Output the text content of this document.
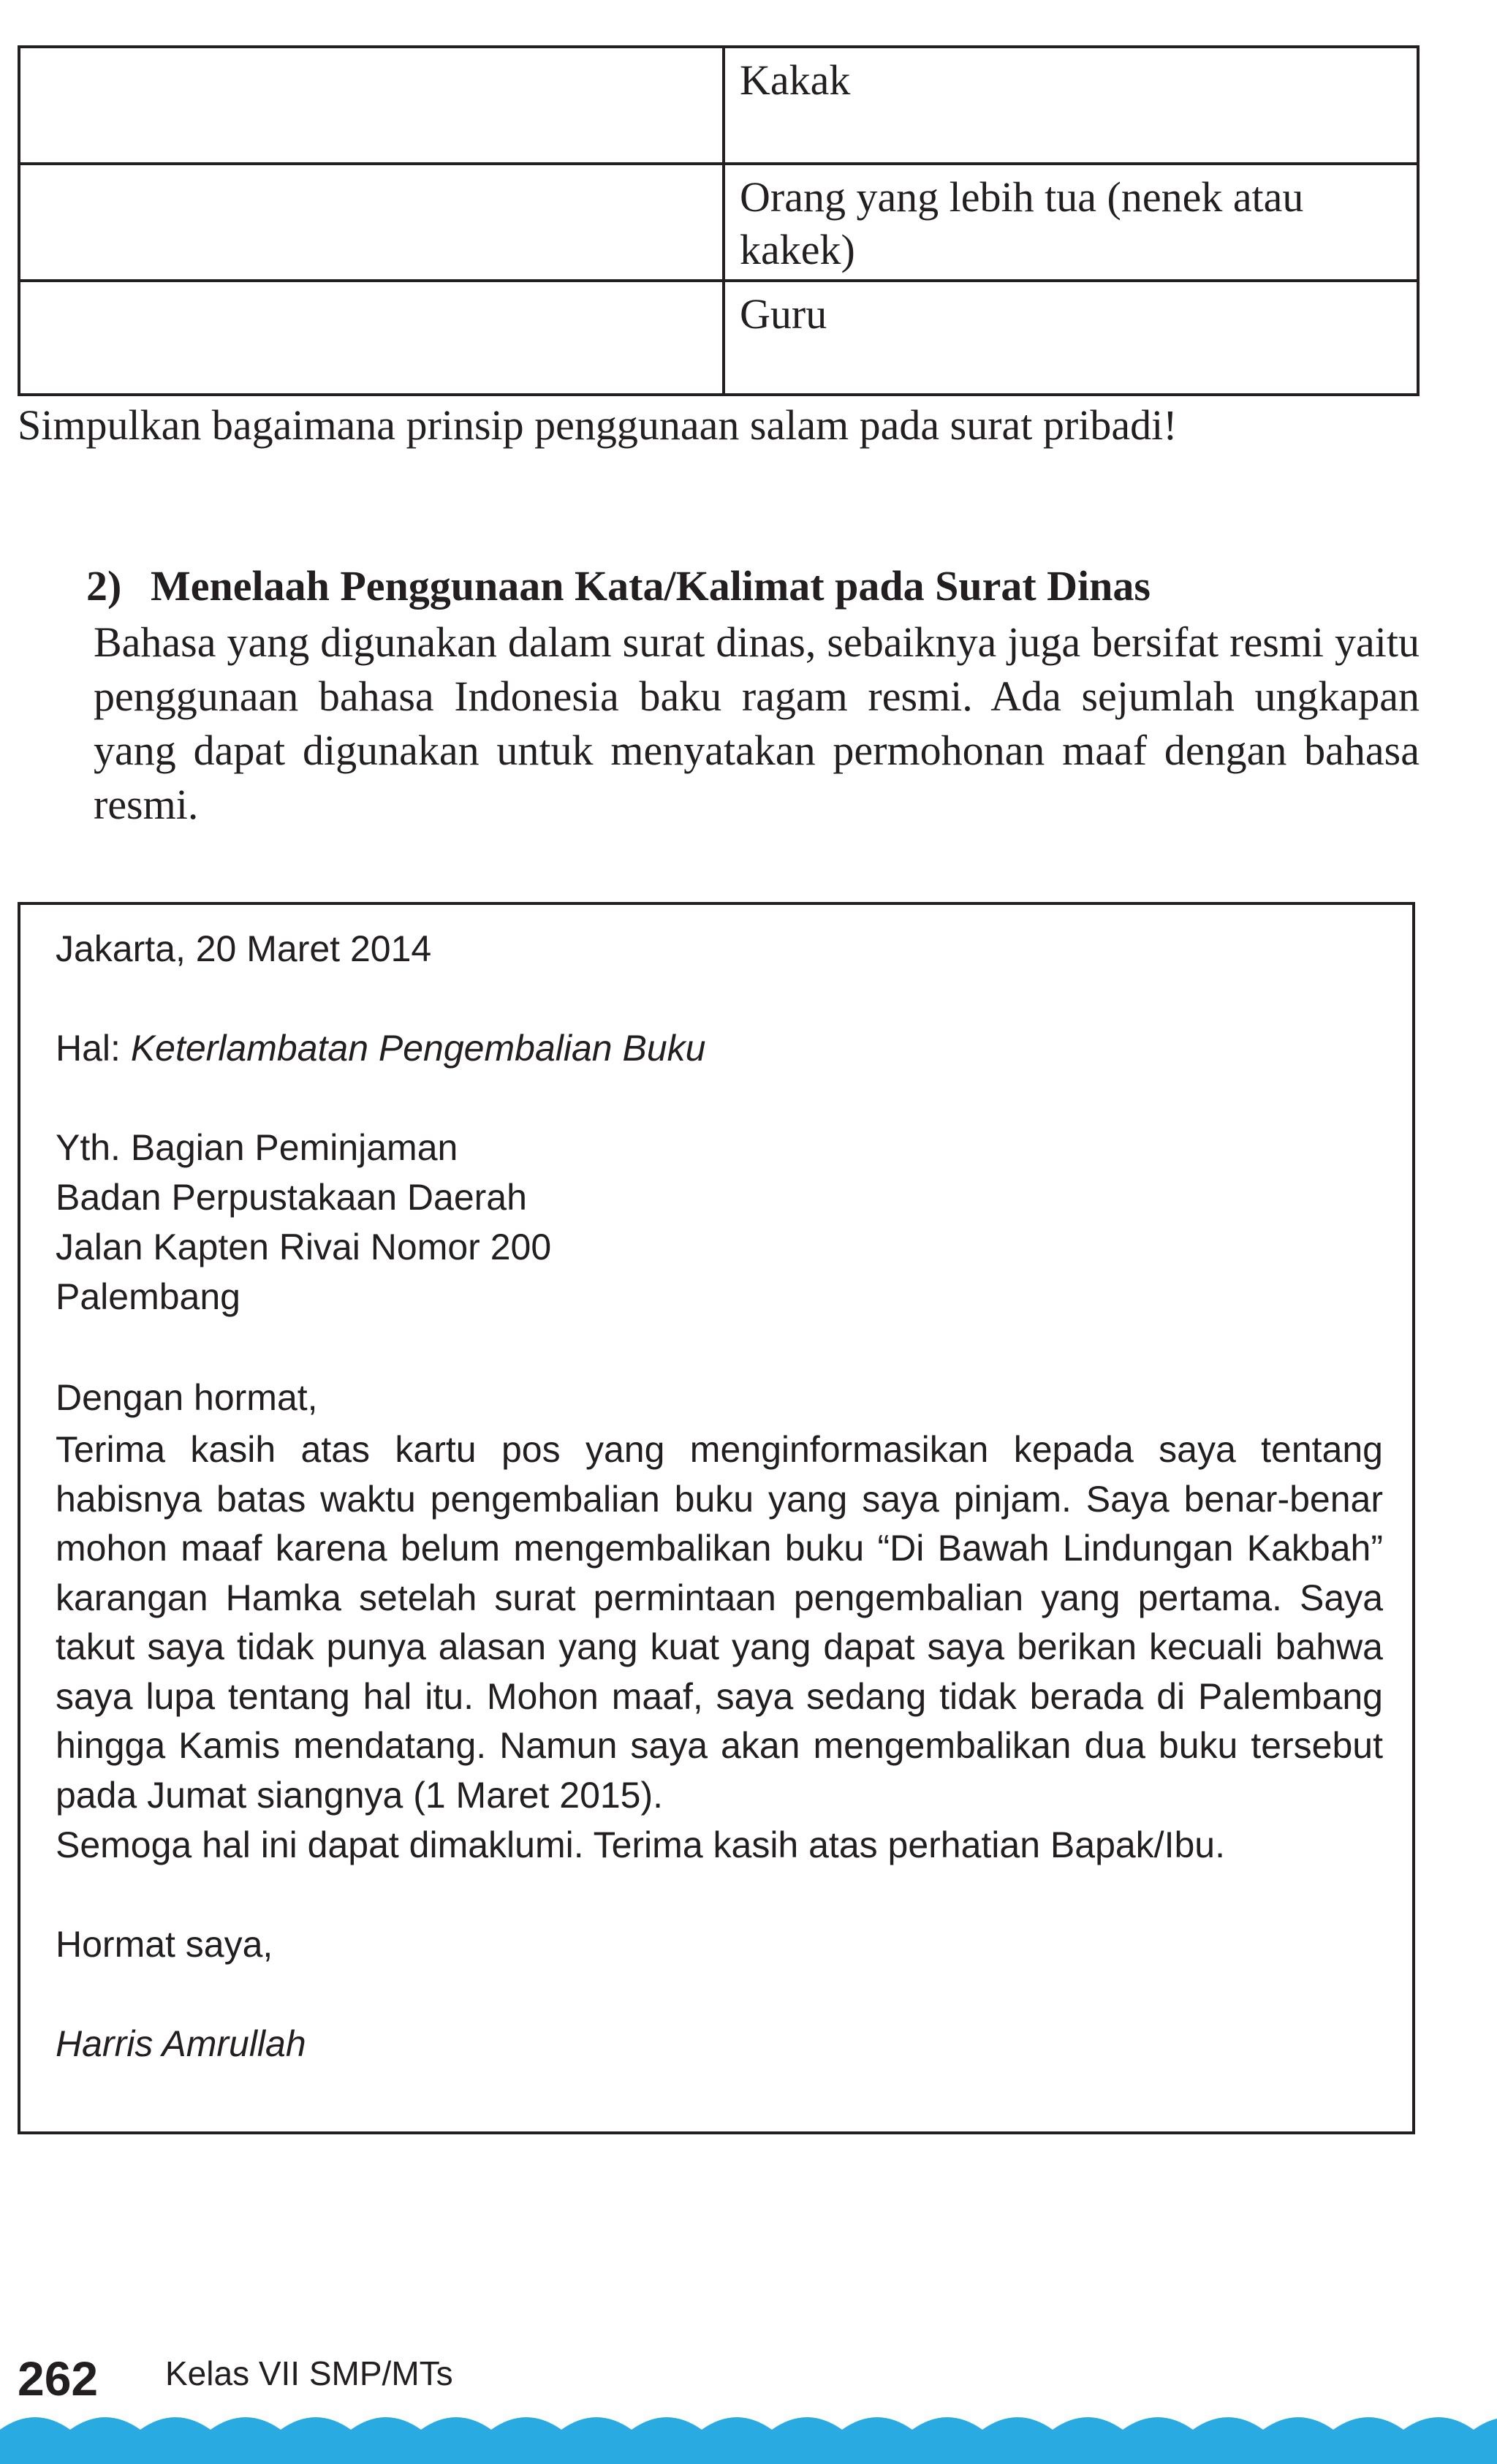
	Kakak
	Orang yang lebih tua (nenek atau kakek)
	Guru
Simpulkan bagaimana prinsip penggunaan salam pada surat pribadi!
2) Menelaah Penggunaan Kata/Kalimat pada Surat Dinas

Bahasa yang digunakan dalam surat dinas, sebaiknya juga bersifat resmi yaitu penggunaan bahasa Indonesia baku ragam resmi. Ada sejumlah ungkapan yang dapat digunakan untuk menyatakan permohonan maaf dengan bahasa resmi.

Jakarta, 20 Maret 2014
Hal: Keterlambatan Pengembalian Buku
Yth. Bagian Peminjaman
Badan Perpustakaan Daerah
Jalan Kapten Rivai Nomor 200
Palembang
Dengan hormat,

Terima kasih atas kartu pos yang menginformasikan kepada saya tentang habisnya batas waktu pengembalian buku yang saya pinjam. Saya benar-benar mohon maaf karena belum mengembalikan buku “Di Bawah Lindungan Kakbah” karangan Hamka setelah surat permintaan pengembalian yang pertama. Saya takut saya tidak punya alasan yang kuat yang dapat saya berikan kecuali bahwa saya lupa tentang hal itu. Mohon maaf, saya sedang tidak berada di Palembang hingga Kamis mendatang. Namun saya akan mengembalikan dua buku tersebut pada Jumat siangnya (1 Maret 2015).

Semoga hal ini dapat dimaklumi. Terima kasih atas perhatian Bapak/Ibu.
Hormat saya,
Harris Amrullah
262 Kelas VII SMP/MTs
